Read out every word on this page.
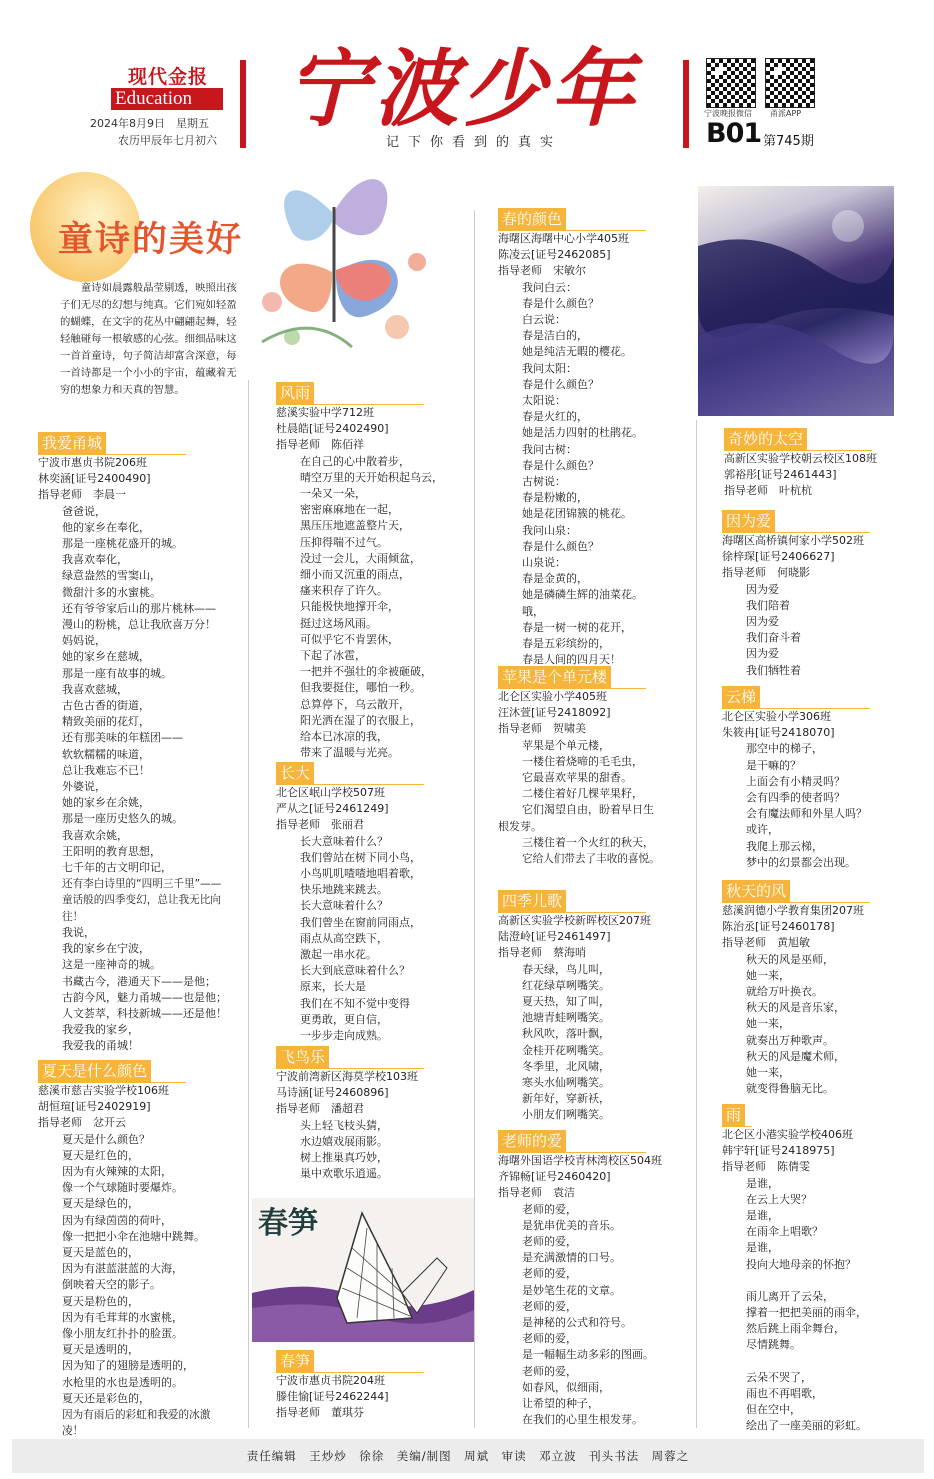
现代金报
Education
2024年8月9日　星期五
农历甲辰年七月初六
宁波少年
记下你看到的真实
宁波晚报微信 甬派APP
B01 第745期
童诗的美好
童诗如晨露般晶莹剔透，映照出孩子们无尽的幻想与纯真。它们宛如轻盈的蝴蝶，在文字的花丛中翩翩起舞，轻轻触碰每一根敏感的心弦。细细品味这一首首童诗，句子简洁却富含深意，每一首诗都是一个小小的宇宙，蕴藏着无穷的想象力和天真的智慧。
我爱甬城

宁波市惠贞书院206班

林奕涵[证号2400490]

指导老师　李晨一

爸爸说，

他的家乡在奉化，

那是一座桃花盛开的城。

我喜欢奉化，

绿意盎然的雪窦山，

微甜汁多的水蜜桃。

还有爷爷家后山的那片桃林——

漫山的粉桃，总让我欣喜万分！

妈妈说，

她的家乡在慈城，

那是一座有故事的城。

我喜欢慈城，

古色古香的街道，

精致美丽的花灯，

还有那美味的年糕团——

软软糯糯的味道，

总让我难忘不已！

外婆说，

她的家乡在余姚，

那是一座历史悠久的城。

我喜欢余姚，

王阳明的教育思想，

七千年的古文明印记，

还有李白诗里的“四明三千里”——

童话般的四季变幻，总让我无比向往！

我说，

我的家乡在宁波，

这是一座神奇的城。

书藏古今，港通天下——是他；

古韵今风，魅力甬城——也是他；

人文荟萃，科技新城——还是他！

我爱我的家乡，

我爱我的甬城！

夏天是什么颜色

慈溪市慈吉实验学校106班

胡恒瑄[证号2402919]

指导老师　忿开云

夏天是什么颜色？

夏天是红色的，

因为有火辣辣的太阳，

像一个气球随时要爆炸。

夏天是绿色的，

因为有绿茵茵的荷叶，

像一把把小伞在池塘中跳舞。

夏天是蓝色的，

因为有湛蓝湛蓝的大海，

倒映着天空的影子。

夏天是粉色的，

因为有毛茸茸的水蜜桃，

像小朋友红扑扑的脸蛋。

夏天是透明的，

因为知了的翅膀是透明的，

水枪里的水也是透明的。

夏天还是彩色的，

因为有雨后的彩虹和我爱的冰激凌！

风雨

慈溪实验中学712班

杜晨皓[证号2402490]

指导老师　陈佰祥

在自己的心中散着步，

晴空万里的天开始积起乌云，

一朵又一朵，

密密麻麻地在一起，

黑压压地遮盖整片天，

压抑得喘不过气。

没过一会儿，大雨倾盆，

细小而又沉重的雨点，

瘙来积存了许久。

只能极快地撑开伞，

挺过这场风雨。

可似乎它不肯罢休，

下起了冰雹，

一把并不强壮的伞被砸破，

但我要挺住，哪怕一秒。

总算停下，乌云散开，

阳光洒在湿了的衣服上，

给本已冰凉的我，

带来了温暖与光亮。

长大

北仑区岷山学校507班

严从之[证号2461249]

指导老师　张丽君

长大意味着什么？

我们曾站在树下同小鸟，

小鸟叽叽喳喳地唱着歌，

快乐地跳来跳去。

长大意味着什么？

我们曾坐在窗前同雨点，

雨点从高空跌下，

激起一串水花。

长大到底意味着什么？

原来，长大是

我们在不知不觉中变得

更勇敢，更自信，

一步步走向成熟。

飞鸟乐

宁波前湾新区海莫学校103班

马诗涵[证号2460896]

指导老师　潘超君

头上轻飞枝头猜，

水边嬉戏展雨影。

树上推巢真巧妙，

巢中欢歌乐逍遥。

春笋
春笋

宁波市惠贞书院204班

滕佳愉[证号2462244]

指导老师　董琪芬

春的颜色

海曙区海曙中心小学405班

陈凌云[证号2462085]

指导老师　宋敏尔

我问白云：

春是什么颜色？

白云说：

春是洁白的，

她是纯洁无暇的樱花。

我问太阳：

春是什么颜色？

太阳说：

春是火红的，

她是活力四射的杜鹃花。

我问古树：

春是什么颜色？

古树说：

春是粉嫩的，

她是花团锦簇的桃花。

我问山泉：

春是什么颜色？

山泉说：

春是金黄的，

她是磷磷生辉的油菜花。

哦，

春是一树一树的花开，

春是五彩缤纷的，

春是人间的四月天！

苹果是个单元楼

北仑区实验小学405班

汪沐萱[证号2418092]

指导老师　贺啸美

苹果是个单元楼，

一楼住着烧啼的毛毛虫，

它最喜欢苹果的甜香。

二楼住着好几棵苹果籽，

它们渴望自由，盼着早日生

根发芽。

三楼住着一个火红的秋天，

它给人们带去了丰收的喜悦。

四季儿歌

高新区实验学校新晖校区207班

陆澄岭[证号2461497]

指导老师　蔡海哨

春天绿，鸟儿叫，

红花绿草咧嘴笑。

夏天热，知了叫，

池塘青蛙咧嘴笑。

秋风吹，落叶飘，

金桂开花咧嘴笑。

冬季里，北风啸，

寒头水仙咧嘴笑。

新年好，穿新袄，

小朋友们咧嘴笑。

老师的爱

海曙外国语学校青林湾校区504班

齐锦畅[证号2460420]

指导老师　袁洁

老师的爱，

是犹串优美的音乐。

老师的爱，

是充满激情的口号。

老师的爱，

是妙笔生花的文章。

老师的爱，

是神秘的公式和符号。

老师的爱，

是一幅幅生动多彩的图画。

老师的爱，

如春风，似细雨，

让希望的种子，

在我们的心里生根发芽。

奇妙的太空

高新区实验学校朝云校区108班

郭裕彤[证号2461443]

指导老师　叶杭杭

因为爱

海曙区高桥镇何家小学502班

徐梓琛[证号2406627]

指导老师　何晓影

因为爱

我们陪着

因为爱

我们奋斗着

因为爱

我们牺牲着

云梯

北仑区实验小学306班

朱筱冉[证号2418070]

那空中的梯子，

是干嘛的？

上面会有小精灵吗？

会有四季的使者吗？

会有魔法师和外星人吗？

或许，

我爬上那云梯，

梦中的幻景都会出现。

秋天的风

慈溪润德小学教育集团207班

陈治丞[证号2460178]

指导老师　黄旭敏

秋天的风是巫师，

她一来，

就给万叶换衣。

秋天的风是音乐家，

她一来，

就奏出万种歌声。

秋天的风是魔术师，

她一来，

就变得鲁脑无比。

雨

北仑区小港实验学校406班

韩宇轩[证号2418975]

指导老师　陈倩雯

是谁，

在云上大哭？

是谁，

在雨伞上唱歌？

是谁，

投向大地母亲的怀抱？

雨儿离开了云朵，

撑着一把把美丽的雨伞，

然后跳上雨伞舞台，

尽情跳舞。

云朵不哭了，

雨也不再唱歌，

但在空中，

绘出了一座美丽的彩虹。

责任编辑　王炒炒　徐徐　美编/制图　周斌　审读　邓立波　刊头书法　周蓉之
